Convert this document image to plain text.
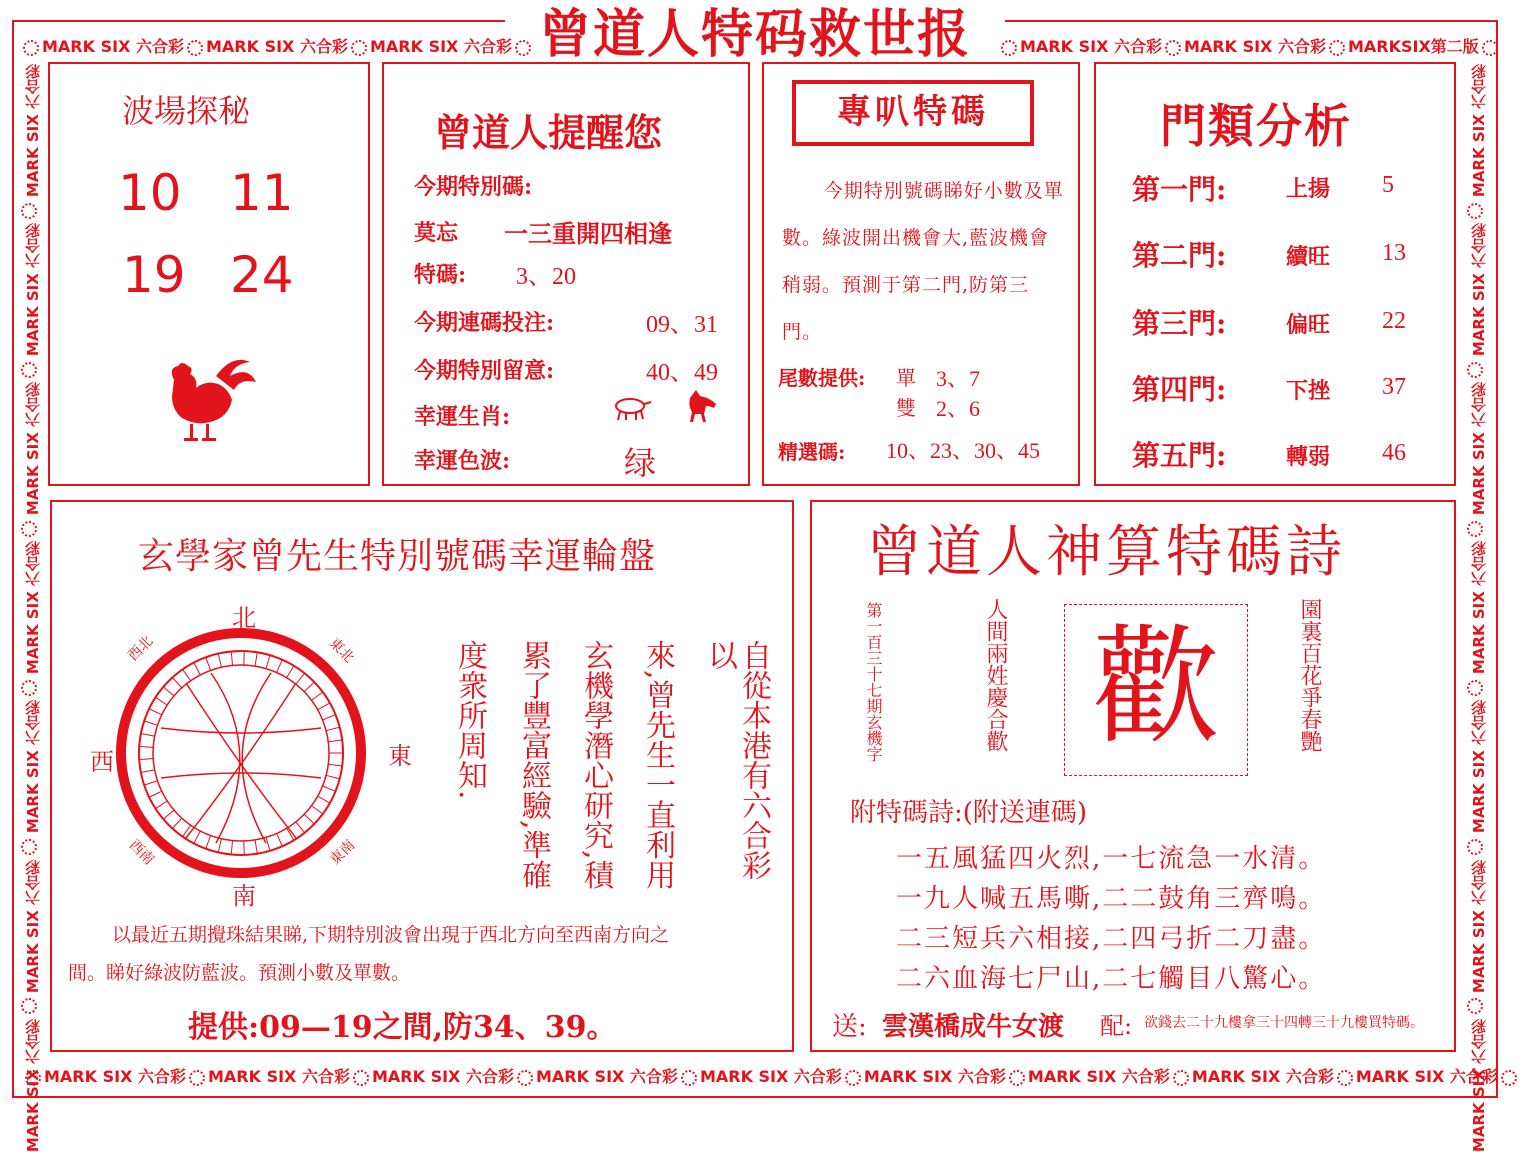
曾道人特码救世报
MARK SIX 六合彩 MARK SIX 六合彩 MARK SIX 六合彩	MARK SIX 六合彩 MARK SIX 六合彩 MARKSIX第二版
MARK SIX 六合彩 MARK SIX 六合彩 MARK SIX 六合彩 MARK SIX 六合彩 MARK SIX 六合彩 MARK SIX 六合彩 MARK SIX 六合彩 MARK SIX 六合彩 MARK SIX 六合彩
MARK SIX 六合彩
MARK SIX 六合彩
MARK SIX 六合彩
MARK SIX 六合彩
MARK SIX 六合彩
MARK SIX 六合彩
MARK SIX 六合彩
MARK SIX 六合彩
MARK SIX 六合彩
MARK SIX 六合彩
MARK SIX 六合彩
MARK SIX 六合彩
MARK SIX 六合彩
MARK SIX 六合彩
波場探秘
10 11
19 24
曾道人提醒您
今期特別碼:
莫忘 一三重開四相逢
特碼: 3、20
今期連碼投注:	09、31
今期特別留意:	40、49
幸運生肖:
幸運色波:	绿
專叭特碼
今期特別號碼睇好小數及單數。綠波開出機會大,藍波機會稍弱。預測于第二門,防第三門。
尾數提供: 單 3、7
雙 2、6
精選碼: 10、23、30、45
門類分析
第一門:	上揚 5
第二門:	續旺 13
第三門:	偏旺 22
第四門:	下挫 37
第五門:	轉弱 46
玄學家曾先生特別號碼幸運輪盤
北
南
東
西
西北	東北
西南	東南	自從本港有六合彩以
來,曾先生一直利用
玄機學潛心研究,積
累了豐富經驗,準確
度衆所周知.
以最近五期攪珠結果睇,下期特別波會出現于西北方向至西南方向之
間。睇好綠波防藍波。預測小數及單數。
提供:09—19之間,防34、39。
曾道人神算特碼詩
第一百三十七期玄機字	人間兩姓慶合歡 歡	園裏百花爭春艷
附特碼詩:(附送連碼)
一五風猛四火烈,一七流急一水清。
一九人喊五馬嘶,二二鼓角三齊鳴。
二三短兵六相接,二四弓折二刀盡。
二六血海七尸山,二七觸目八驚心。
送: 雲漢橋成牛女渡 配: 欲錢去二十九樓拿三十四轉三十九樓買特碼。
